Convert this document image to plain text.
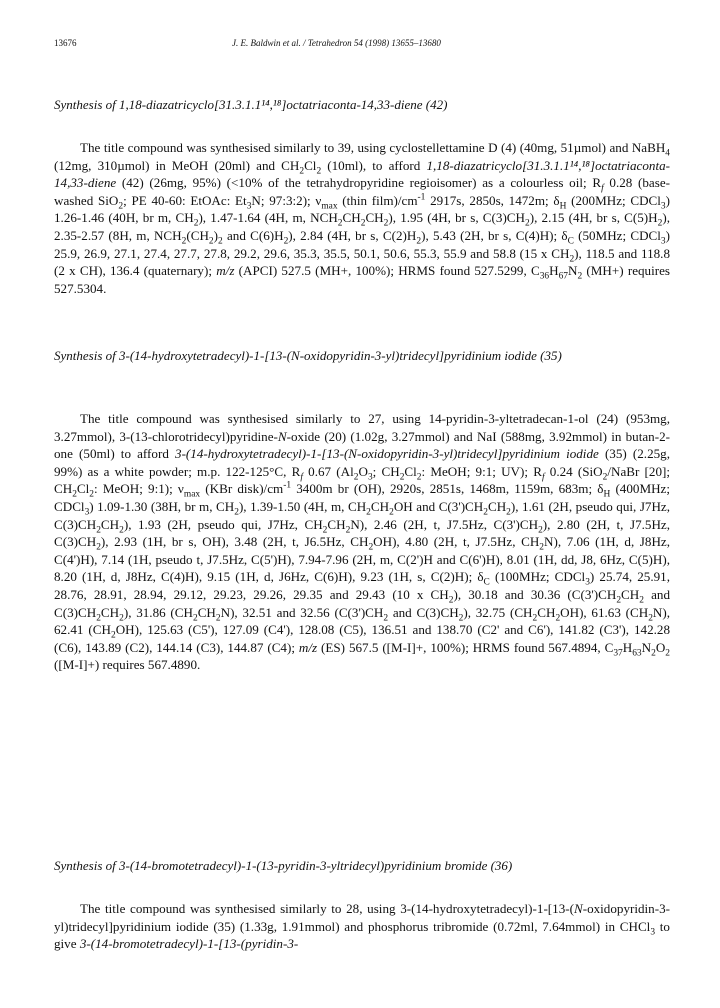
13676	J. E. Baldwin et al. / Tetrahedron 54 (1998) 13655–13680
Synthesis of 1,18-diazatricyclo[31.3.1.1¹⁴,¹⁸]octatriaconta-14,33-diene (42)

The title compound was synthesised similarly to 39, using cyclostellettamine D (4) (40mg, 51µmol) and NaBH$_4$ (12mg, 310µmol) in MeOH (20ml) and $CH_2Cl_2$ (10ml), to afford 1,18-diazatricyclo[31.3.1.1¹⁴,¹⁸]octatriaconta-14,33-diene (42) (26mg, 95%) (<10% of the tetrahydropyridine regioisomer) as a colourless oil; $R_f$ 0.28 (base-washed SiO$_2$; PE 40-60: EtOAc: $Et_3N$; 97:3:2); $\nu_{max}$ (thin $film)/cm^{-1}$ 2917s, 2850s, 1472m; $\delta_H$ (200MHz; CDCl$_3$) 1.26-1.46 (40H, br m, $CH_2$), 1.47-1.64 (4H, m, $NCH_2CH_2CH_2$), 1.95 (4H, br s, $C(3)CH_2$), 2.15 (4H, br s, $C(5)H_2$), 2.35-2.57 (8H, m, $NCH_2(CH_2)_2$ and $C(6)H_2$), 2.84 (4H, br s, $C(2)H_2$), 5.43 (2H, br s, C(4)H); $\delta_C$ (50MHz; CDCl$_3$) 25.9, 26.9, 27.1, 27.4, 27.7, 27.8, 29.2, 29.6, 35.3, 35.5, 50.1, 50.6, 55.3, 55.9 and 58.8 (15 x $CH_2$), 118.5 and 118.8 (2 x CH), 136.4 (quaternary); m/z (APCI) 527.5 (MH+, 100%); HRMS found 527.5299, $C_{36}H_{67}N_2$ (MH+) requires 527.5304.

Synthesis of 3-(14-hydroxytetradecyl)-1-[13-(N-oxidopyridin-3-yl)tridecyl]pyridinium iodide (35)

The title compound was synthesised similarly to 27, using 14-pyridin-3-yltetradecan-1-ol (24) (953mg, 3.27mmol), 3-(13-chlorotridecyl)pyridine-N-oxide (20) (1.02g, 3.27mmol) and NaI (588mg, 3.92mmol) in butan-2-one (50ml) to afford 3-(14-hydroxytetradecyl)-1-[13-(N-oxidopyridin-3-yl)tridecyl]pyridinium iodide (35) (2.25g, 99%) as a white powder; m.p. 122-125°C, $R_f$ 0.67 ($Al_2O_3$; $CH_2Cl_2$: MeOH; 9:1; UV); $R_f$ 0.24 (SiO$_2$/NaBr [20]; $CH_2Cl_2$: MeOH; 9:1); $\nu_{max}$ (KBr $disk)/cm^{-1}$ 3400m br (OH), 2920s, 2851s, 1468m, 1159m, 683m; $\delta_H$ (400MHz; CDCl$_3$) 1.09-1.30 (38H, br m, $CH_2$), 1.39-1.50 (4H, m, $CH_2CH_2OH$ and $C(3')CH_2CH_2$), 1.61 (2H, pseudo qui, J7Hz, $C(3)CH_2CH_2$), 1.93 (2H, pseudo qui, J7Hz, $CH_2CH_2N$), 2.46 (2H, t, J7.5Hz, $C(3')CH_2$), 2.80 (2H, t, J7.5Hz, $C(3)CH_2$), 2.93 (1H, br s, OH), 3.48 (2H, t, J6.5Hz, $CH_2OH$), 4.80 (2H, t, J7.5Hz, $CH_2N$), 7.06 (1H, d, J8Hz, C(4')H), 7.14 (1H, pseudo t, J7.5Hz, C(5')H), 7.94-7.96 (2H, m, C(2')H and C(6')H), 8.01 (1H, dd, J8, 6Hz, C(5)H), 8.20 (1H, d, J8Hz, C(4)H), 9.15 (1H, d, J6Hz, C(6)H), 9.23 (1H, s, C(2)H); $\delta_C$ (100MHz; CDCl$_3$) 25.74, 25.91, 28.76, 28.91, 28.94, 29.12, 29.23, 29.26, 29.35 and 29.43 (10 x $CH_2$), 30.18 and 30.36 ($C(3')CH_2CH_2$ and $C(3)CH_2CH_2$), 31.86 $(CH_2CH_2N)$, 32.51 and 32.56 ($C(3')CH_2$ and $C(3)CH_2$), 32.75 $(CH_2CH_2OH)$, 61.63 $(CH_2N)$, 62.41 $(CH_2OH)$, 125.63 (C5'), 127.09 (C4'), 128.08 (C5), 136.51 and 138.70 (C2' and C6'), 141.82 (C3'), 142.28 (C6), 143.89 (C2), 144.14 (C3), 144.87 (C4); m/z (ES) 567.5 ([M-I]+, 100%); HRMS found 567.4894, $C_{37}H_{63}N_2O_2$ ([M-I]+) requires 567.4890.

Synthesis of 3-(14-bromotetradecyl)-1-(13-pyridin-3-yltridecyl)pyridinium bromide (36)

The title compound was synthesised similarly to 28, using 3-(14-hydroxytetradecyl)-1-[13-(N-oxidopyridin-3-yl)tridecyl]pyridinium iodide (35) (1.33g, 1.91mmol) and phosphorus tribromide (0.72ml, 7.64mmol) in CHCl$_3$ to give 3-(14-bromotetradecyl)-1-[13-(pyridin-3-
